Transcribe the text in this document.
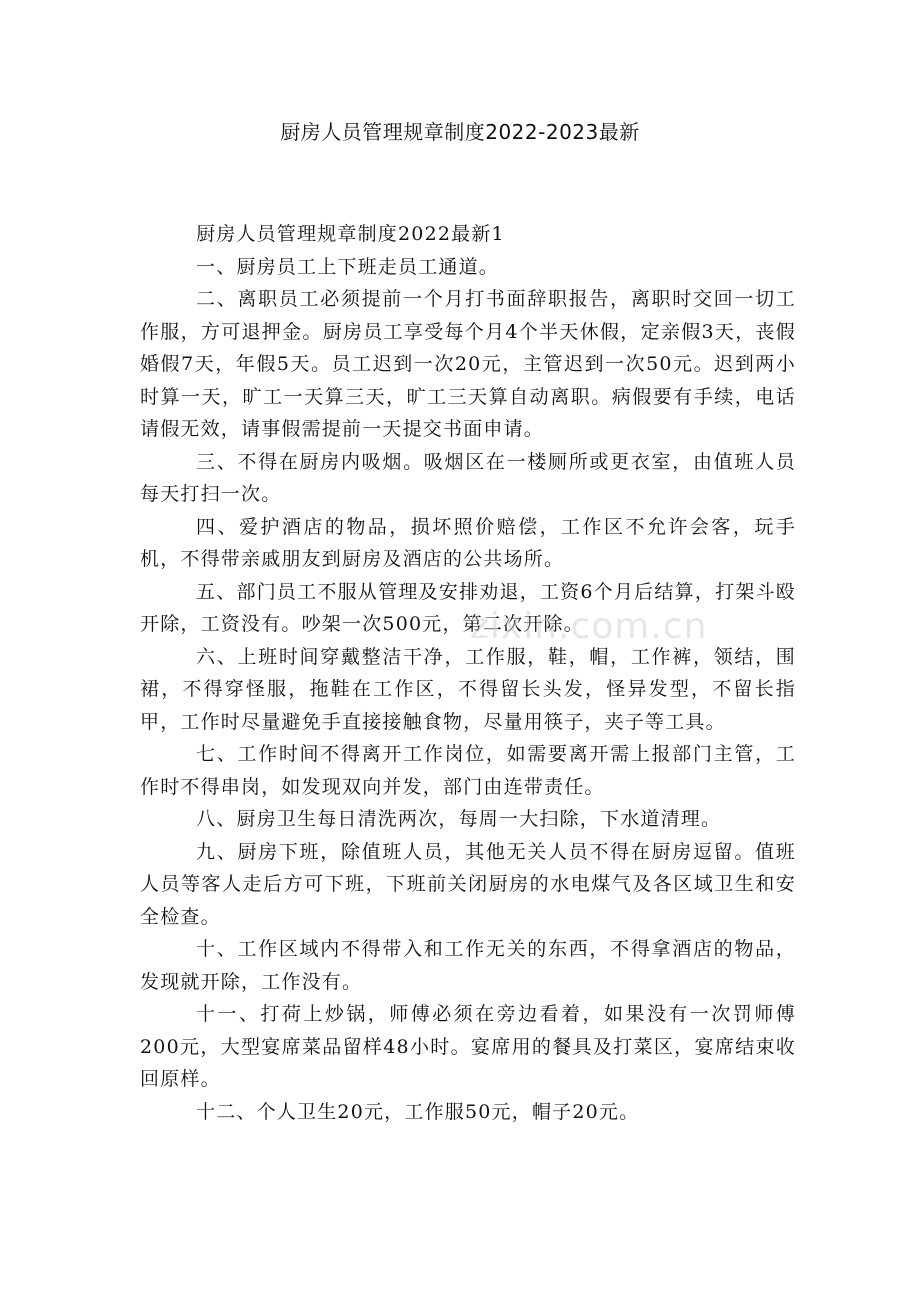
厨房人员管理规章制度2022-2023最新

厨房人员管理规章制度2022最新1

一、厨房员工上下班走员工通道。

二、离职员工必须提前一个月打书面辞职报告，离职时交回一切工作服，方可退押金。厨房员工享受每个月4个半天休假，定亲假3天，丧假婚假7天，年假5天。员工迟到一次20元，主管迟到一次50元。迟到两小时算一天，旷工一天算三天，旷工三天算自动离职。病假要有手续，电话请假无效，请事假需提前一天提交书面申请。

三、不得在厨房内吸烟。吸烟区在一楼厕所或更衣室，由值班人员每天打扫一次。

四、爱护酒店的物品，损坏照价赔偿，工作区不允许会客，玩手机，不得带亲戚朋友到厨房及酒店的公共场所。

五、部门员工不服从管理及安排劝退，工资6个月后结算，打架斗殴开除，工资没有。吵架一次500元，第二次开除。

六、上班时间穿戴整洁干净，工作服，鞋，帽，工作裤，领结，围裙，不得穿怪服，拖鞋在工作区，不得留长头发，怪异发型，不留长指甲，工作时尽量避免手直接接触食物，尽量用筷子，夹子等工具。

七、工作时间不得离开工作岗位，如需要离开需上报部门主管，工作时不得串岗，如发现双向并发，部门由连带责任。

八、厨房卫生每日清洗两次，每周一大扫除，下水道清理。

九、厨房下班，除值班人员，其他无关人员不得在厨房逗留。值班人员等客人走后方可下班，下班前关闭厨房的水电煤气及各区域卫生和安全检查。

十、工作区域内不得带入和工作无关的东西，不得拿酒店的物品，发现就开除，工作没有。

十一、打荷上炒锅，师傅必须在旁边看着，如果没有一次罚师傅200元，大型宴席菜品留样48小时。宴席用的餐具及打菜区，宴席结束收回原样。

十二、个人卫生20元，工作服50元，帽子20元。

zixin.com.cn
